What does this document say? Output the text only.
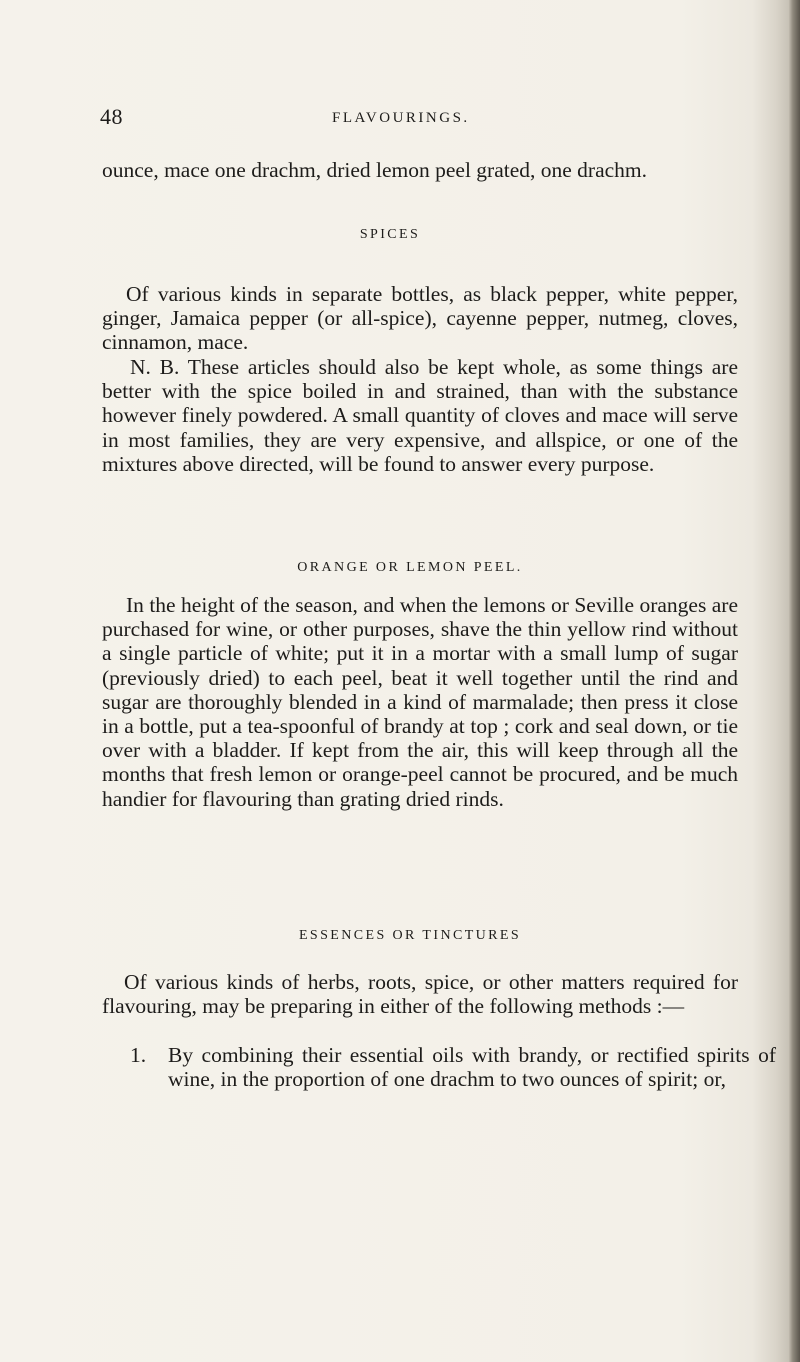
48	FLAVOURINGS.

ounce, mace one drachm, dried lemon peel grated, one drachm.

SPICES

Of various kinds in separate bottles, as black pepper, white pepper, ginger, Jamaica pepper (or all-spice), cayenne pepper, nutmeg, cloves, cinnamon, mace.

N. B. These articles should also be kept whole, as some things are better with the spice boiled in and strained, than with the substance however finely powdered. A small quantity of cloves and mace will serve in most families, they are very expensive, and allspice, or one of the mixtures above directed, will be found to answer every purpose.

ORANGE OR LEMON PEEL.

In the height of the season, and when the lemons or Seville oranges are purchased for wine, or other purposes, shave the thin yellow rind without a single particle of white; put it in a mortar with a small lump of sugar (previously dried) to each peel, beat it well together until the rind and sugar are thoroughly blended in a kind of marmalade; then press it close in a bottle, put a tea-spoonful of brandy at top ; cork and seal down, or tie over with a bladder. If kept from the air, this will keep through all the months that fresh lemon or orange-peel cannot be procured, and be much handier for flavouring than grating dried rinds.

ESSENCES OR TINCTURES

Of various kinds of herbs, roots, spice, or other matters required for flavouring, may be preparing in either of the following methods :—

1. By combining their essential oils with brandy, or rectified spirits of wine, in the proportion of one drachm to two ounces of spirit; or,
